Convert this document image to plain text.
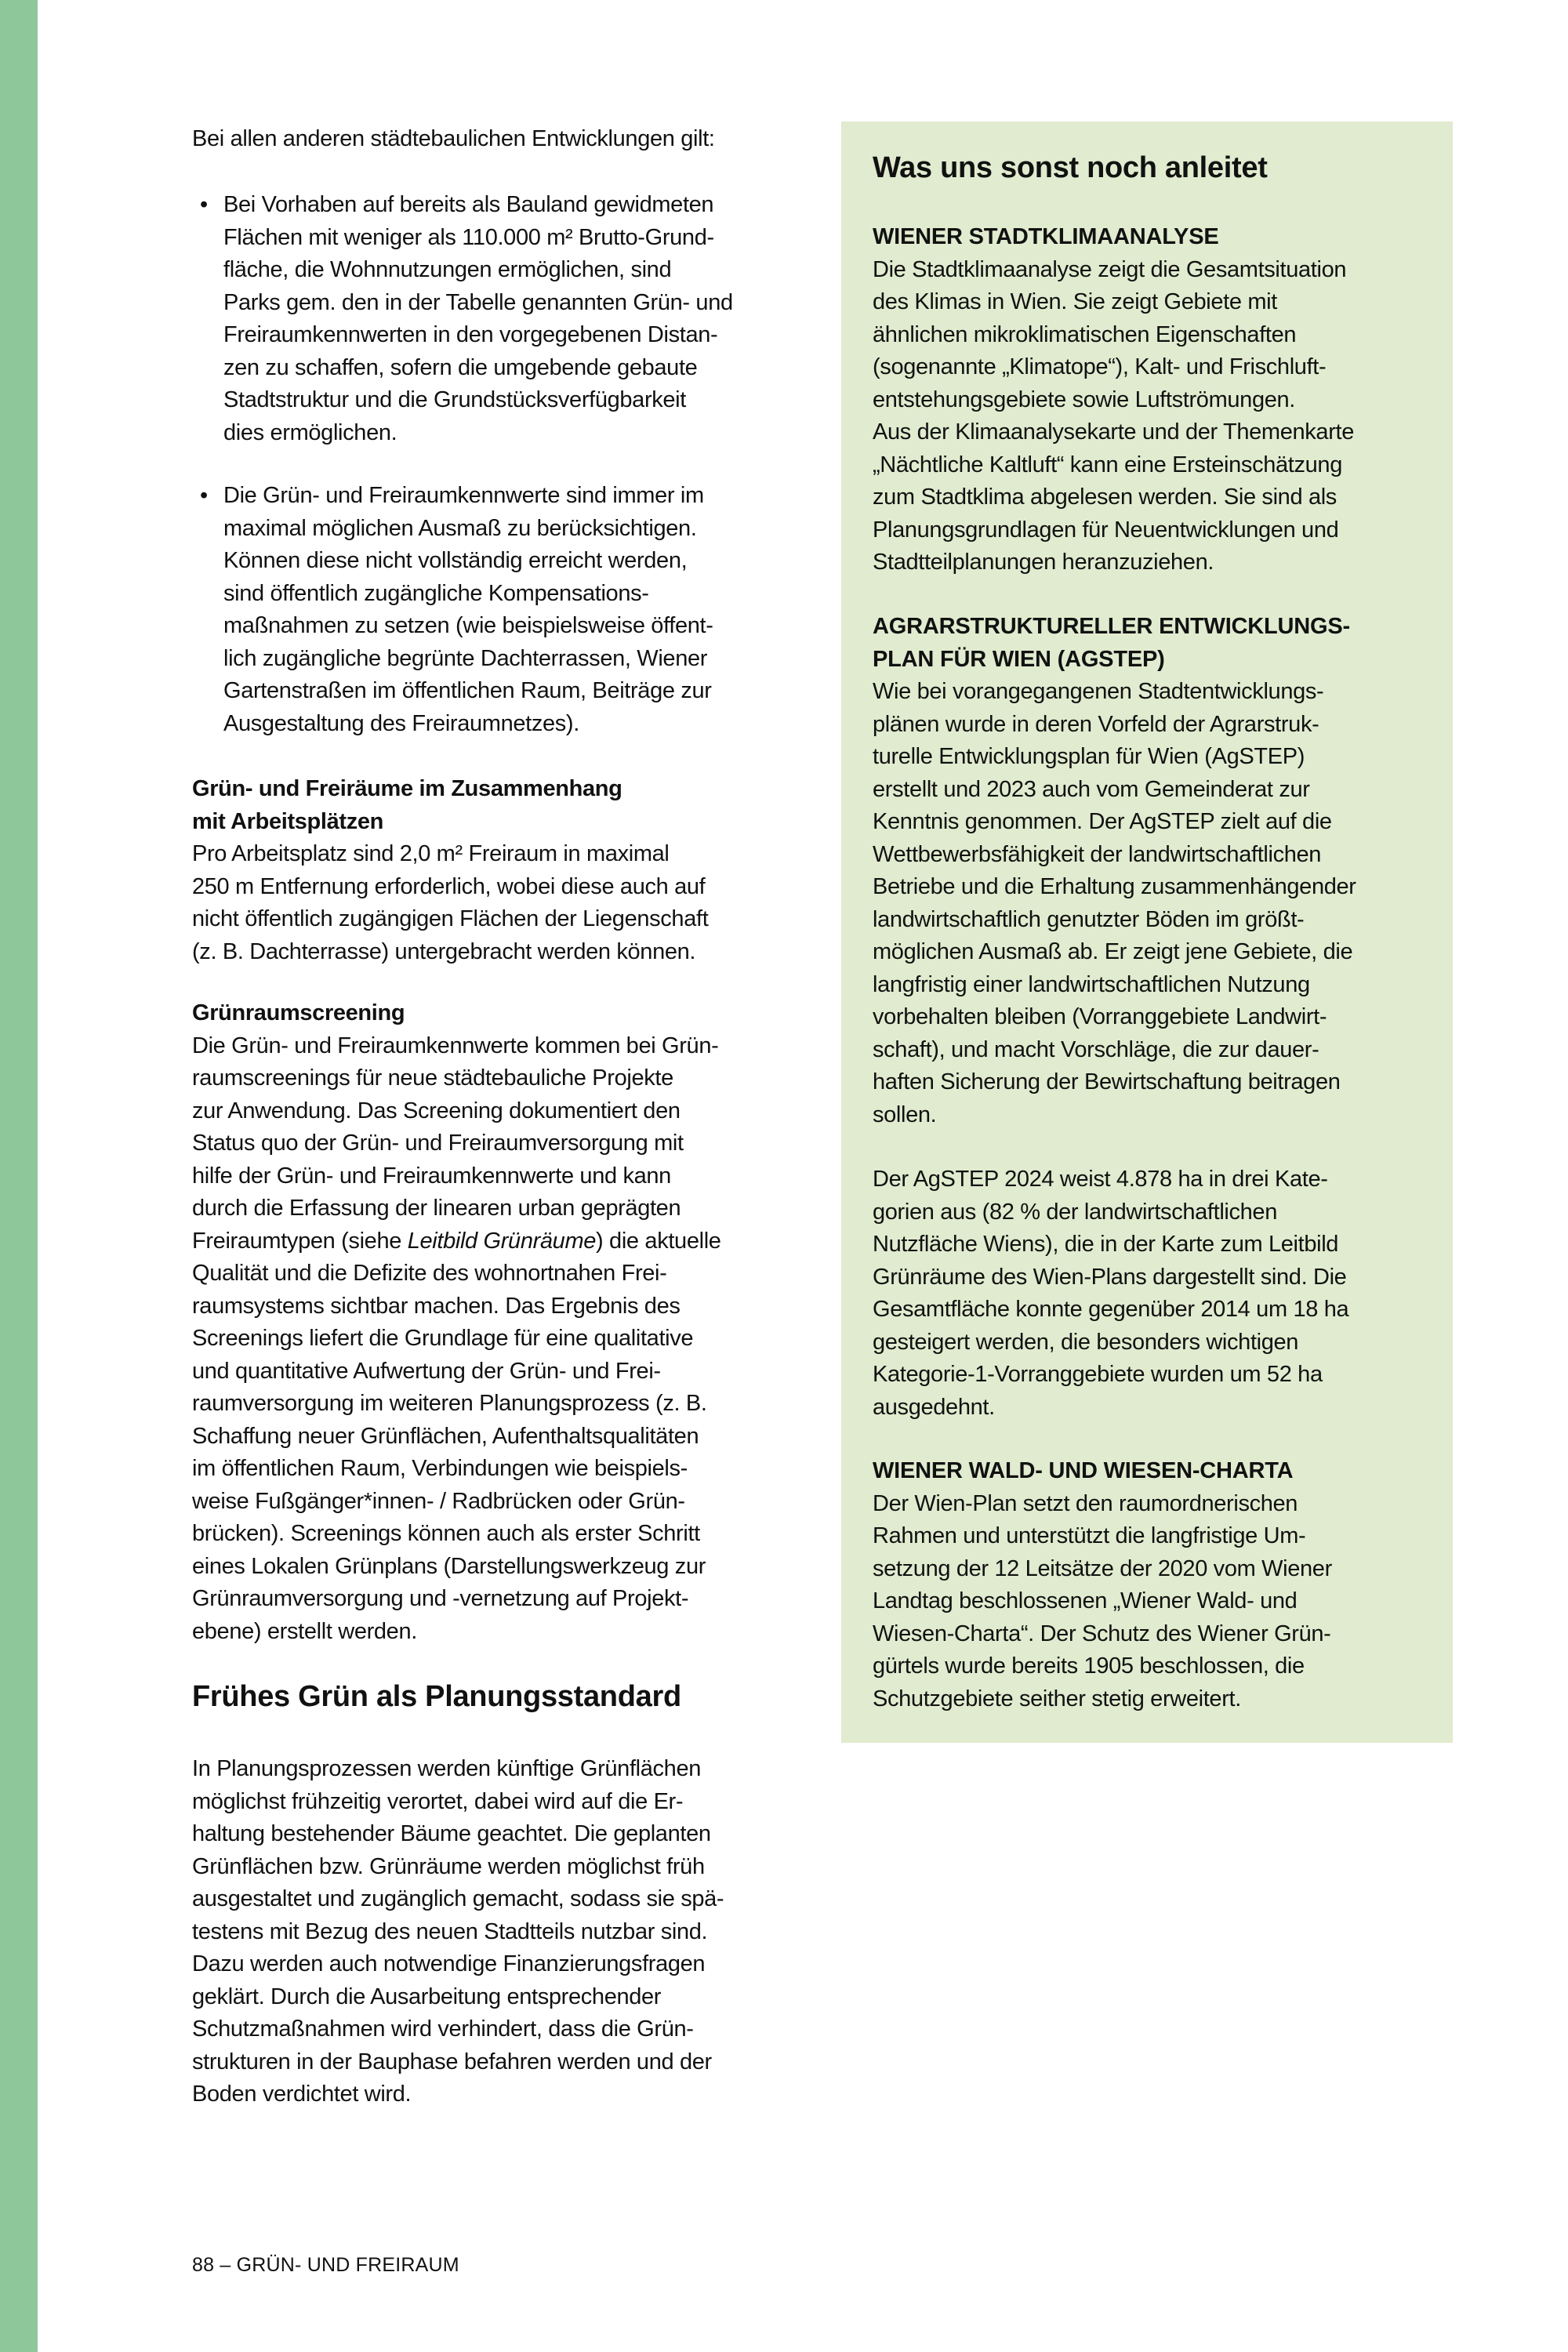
Bei allen anderen städtebaulichen Entwicklungen gilt:
• Bei Vorhaben auf bereits als Bauland gewidmeten
Flächen mit weniger als 110.000 m² Brutto-Grund-
fläche, die Wohnnutzungen ermöglichen, sind
Parks gem. den in der Tabelle genannten Grün- und
Freiraumkennwerten in den vorgegebenen Distan-
zen zu schaffen, sofern die umgebende gebaute
Stadtstruktur und die Grundstücksverfügbarkeit
dies ermöglichen.
• Die Grün- und Freiraumkennwerte sind immer im
maximal möglichen Ausmaß zu berücksichtigen.
Können diese nicht vollständig erreicht werden,
sind öffentlich zugängliche Kompensations-
maßnahmen zu setzen (wie beispielsweise öffent-
lich zugängliche begrünte Dachterrassen, Wiener
Gartenstraßen im öffentlichen Raum, Beiträge zur
Ausgestaltung des Freiraumnetzes).
Grün- und Freiräume im Zusammenhang
mit Arbeitsplätzen
Pro Arbeitsplatz sind 2,0 m² Freiraum in maximal
250 m Entfernung erforderlich, wobei diese auch auf
nicht öffentlich zugängigen Flächen der Liegenschaft
(z. B. Dachterrasse) untergebracht werden können.
Grünraumscreening
Die Grün- und Freiraumkennwerte kommen bei Grün-
raumscreenings für neue städtebauliche Projekte
zur Anwendung. Das Screening dokumentiert den
Status quo der Grün- und Freiraumversorgung mit
hilfe der Grün- und Freiraumkennwerte und kann
durch die Erfassung der linearen urban geprägten
Freiraumtypen (siehe Leitbild Grünräume) die aktuelle
Qualität und die Defizite des wohnortnahen Frei-
raumsystems sichtbar machen. Das Ergebnis des
Screenings liefert die Grundlage für eine qualitative
und quantitative Aufwertung der Grün- und Frei-
raumversorgung im weiteren Planungsprozess (z. B.
Schaffung neuer Grünflächen, Aufenthaltsqualitäten
im öffentlichen Raum, Verbindungen wie beispiels-
weise Fußgänger*innen- / Radbrücken oder Grün-
brücken). Screenings können auch als erster Schritt
eines Lokalen Grünplans (Darstellungswerkzeug zur
Grünraumversorgung und -vernetzung auf Projekt-
ebene) erstellt werden.
Frühes Grün als Planungsstandard
In Planungsprozessen werden künftige Grünflächen
möglichst frühzeitig verortet, dabei wird auf die Er-
haltung bestehender Bäume geachtet. Die geplanten
Grünflächen bzw. Grünräume werden möglichst früh
ausgestaltet und zugänglich gemacht, sodass sie spä-
testens mit Bezug des neuen Stadtteils nutzbar sind.
Dazu werden auch notwendige Finanzierungsfragen
geklärt. Durch die Ausarbeitung entsprechender
Schutzmaßnahmen wird verhindert, dass die Grün-
strukturen in der Bauphase befahren werden und der
Boden verdichtet wird.
Was uns sonst noch anleitet
WIENER STADTKLIMAANALYSE
Die Stadtklimaanalyse zeigt die Gesamtsituation
des Klimas in Wien. Sie zeigt Gebiete mit
ähnlichen mikroklimatischen Eigenschaften
(sogenannte „Klimatope“), Kalt- und Frischluft-
entstehungsgebiete sowie Luftströmungen.
Aus der Klimaanalysekarte und der Themenkarte
„Nächtliche Kaltluft“ kann eine Ersteinschätzung
zum Stadtklima abgelesen werden. Sie sind als
Planungsgrundlagen für Neuentwicklungen und
Stadtteilplanungen heranzuziehen.
AGRARSTRUKTURELLER ENTWICKLUNGS-
PLAN FÜR WIEN (AGSTEP)
Wie bei vorangegangenen Stadtentwicklungs-
plänen wurde in deren Vorfeld der Agrarstruk-
turelle Entwicklungsplan für Wien (AgSTEP)
erstellt und 2023 auch vom Gemeinderat zur
Kenntnis genommen. Der AgSTEP zielt auf die
Wettbewerbsfähigkeit der landwirtschaftlichen
Betriebe und die Erhaltung zusammenhängender
landwirtschaftlich genutzter Böden im größt-
möglichen Ausmaß ab. Er zeigt jene Gebiete, die
langfristig einer landwirtschaftlichen Nutzung
vorbehalten bleiben (Vorranggebiete Landwirt-
schaft), und macht Vorschläge, die zur dauer-
haften Sicherung der Bewirtschaftung beitragen
sollen.
Der AgSTEP 2024 weist 4.878 ha in drei Kate-
gorien aus (82 % der landwirtschaftlichen
Nutzfläche Wiens), die in der Karte zum Leitbild
Grünräume des Wien-Plans dargestellt sind. Die
Gesamtfläche konnte gegenüber 2014 um 18 ha
gesteigert werden, die besonders wichtigen
Kategorie-1-Vorranggebiete wurden um 52 ha
ausgedehnt.
WIENER WALD- UND WIESEN-CHARTA
Der Wien-Plan setzt den raumordnerischen
Rahmen und unterstützt die langfristige Um-
setzung der 12 Leitsätze der 2020 vom Wiener
Landtag beschlossenen „Wiener Wald- und
Wiesen-Charta“. Der Schutz des Wiener Grün-
gürtels wurde bereits 1905 beschlossen, die
Schutzgebiete seither stetig erweitert.
88 – GRÜN- UND FREIRAUM
